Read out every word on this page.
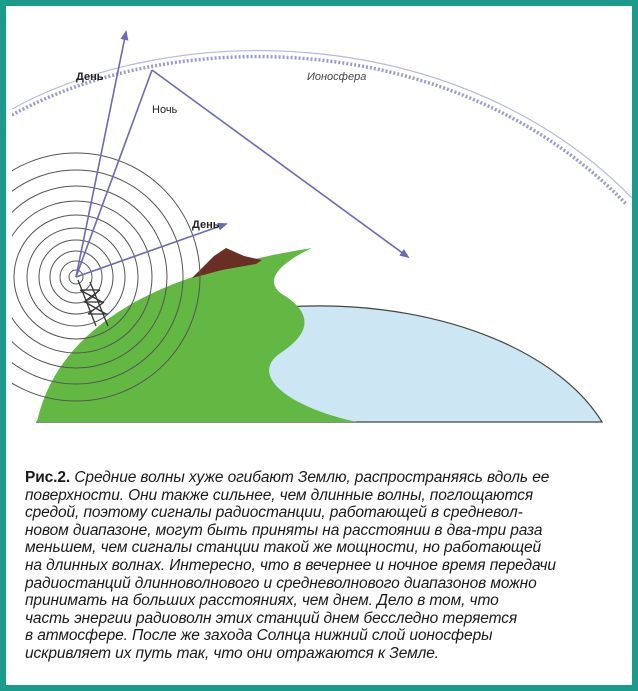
День
Ночь
Ионосфера
День
Рис.2. Средние волны хуже огибают Землю, распространяясь вдоль ее
поверхности. Они также сильнее, чем длинные волны, поглощаются
средой, поэтому сигналы радиостанции, работающей в средневол-
новом диапазоне, могут быть приняты на расстоянии в два-три раза
меньшем, чем сигналы станции такой же мощности, но работающей
на длинных волнах. Интересно, что в вечернее и ночное время передачи
радиостанций длинноволнового и средневолнового диапазонов можно
принимать на больших расстояниях, чем днем. Дело в том, что
часть энергии радиоволн этих станций днем бесследно теряется
в атмосфере. После же захода Солнца нижний слой ионосферы
искривляет их путь так, что они отражаются к Земле.
